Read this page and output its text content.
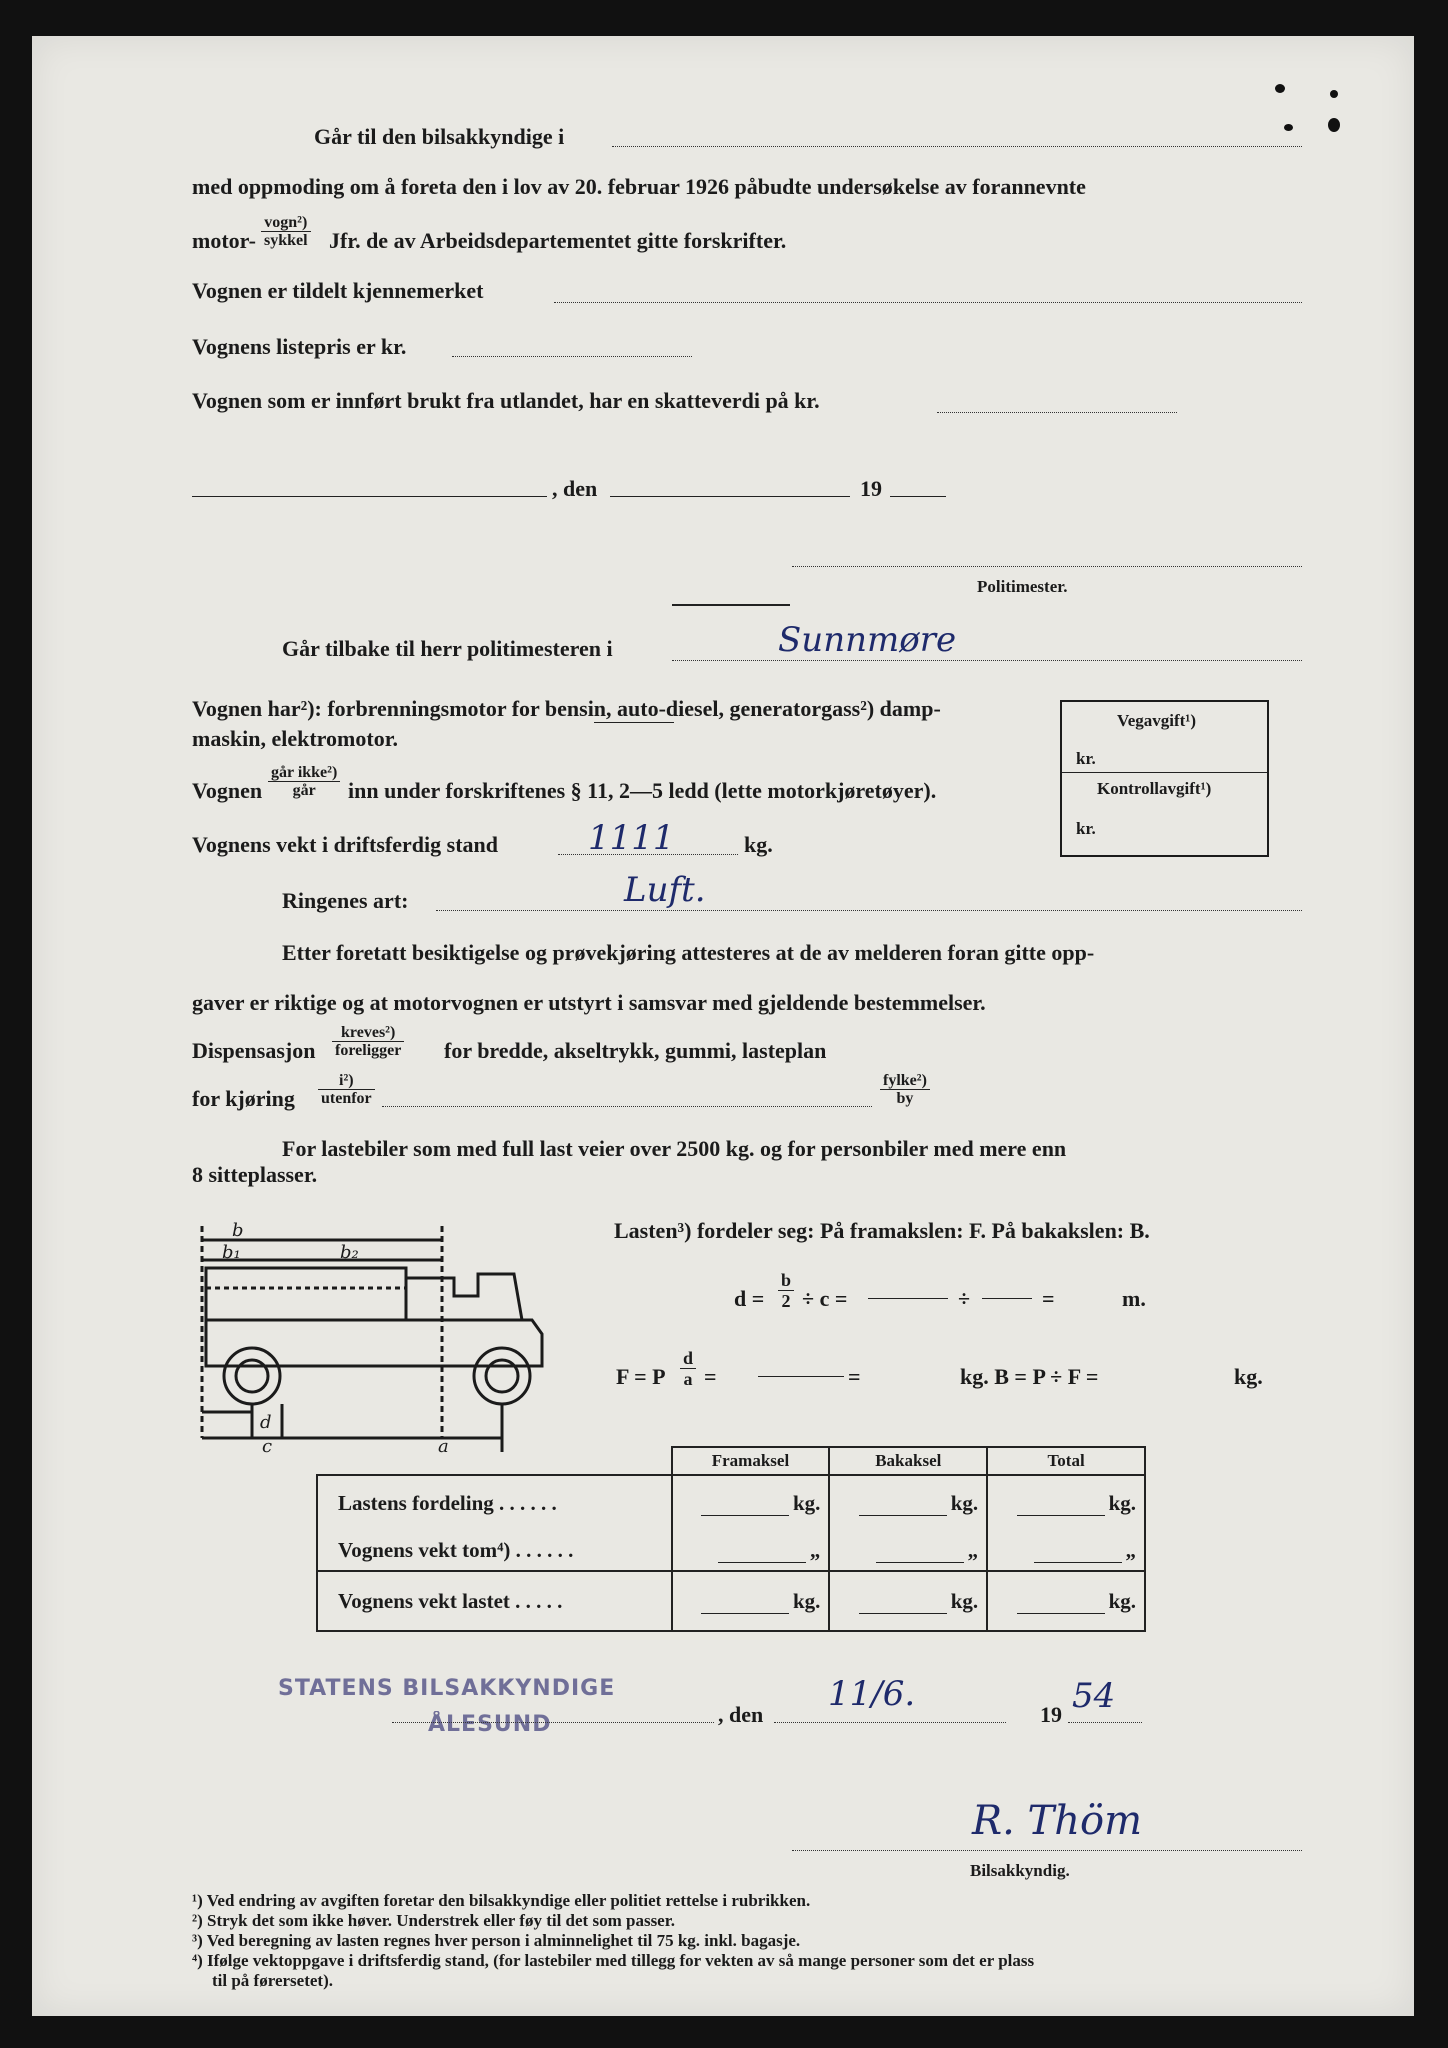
Går til den bilsakkyndige i
med oppmoding om å foreta den i lov av 20. februar 1926 påbudte undersøkelse av forannevnte
motor-
vogn²)
sykkel Jfr. de av Arbeidsdepartementet gitte forskrifter.
Vognen er tildelt kjennemerket
Vognens listepris er kr.
Vognen som er innført brukt fra utlandet, har en skatteverdi på kr.
, den	19
Politimester.
Går tilbake til herr politimesteren i	Sunnmøre
Vognen har²): forbrenningsmotor for bensin, auto-diesel, generatorgass²) damp-
maskin, elektromotor.
Vegavgift¹)
kr.
Kontrollavgift¹)
kr.
Vognen
går ikke²)
går	inn under forskriftenes § 11, 2—5 ledd (lette motorkjøretøyer).
Vognens vekt i driftsferdig stand	1111	kg.
Ringenes art:	Luft.
Etter foretatt besiktigelse og prøvekjøring attesteres at de av melderen foran gitte opp-
gaver er riktige og at motorvognen er utstyrt i samsvar med gjeldende bestemmelser.
Dispensasjon
kreves²)
foreligger for bredde, akseltrykk, gummi, lasteplan
for kjøring
i²)
utenfor
fylke²)
by
For lastebiler som med full last veier over 2500 kg. og for personbiler med mere enn
8 sitteplasser.
b
b₁	b₂
d
c	a
Lasten³) fordeler seg: På framakslen: F. På bakakslen: B.
$d = \frac{b}{2} \div c$ =	÷	=	m.
F = P $\frac{d}{a}$ =	=	kg. B = P ÷ F =	kg.
	Framaksel	Bakaksel	Total
Lastens fordeling . . . . . .	kg.	kg.	kg.

Vognens vekt tom⁴) . . . . . .	„	„	„

Vognens vekt lastet . . . . .	kg.	kg.	kg.
STATENS BILSAKKYNDIGE
ÅLESUND	, den
11/6.
19 54
R. Thöm
Bilsakkyndig.
¹) Ved endring av avgiften foretar den bilsakkyndige eller politiet rettelse i rubrikken.
²) Stryk det som ikke høver. Understrek eller føy til det som passer.
³) Ved beregning av lasten regnes hver person i alminnelighet til 75 kg. inkl. bagasje.
⁴) Ifølge vektoppgave i driftsferdig stand, (for lastebiler med tillegg for vekten av så mange personer som det er plass
til på førersetet).
